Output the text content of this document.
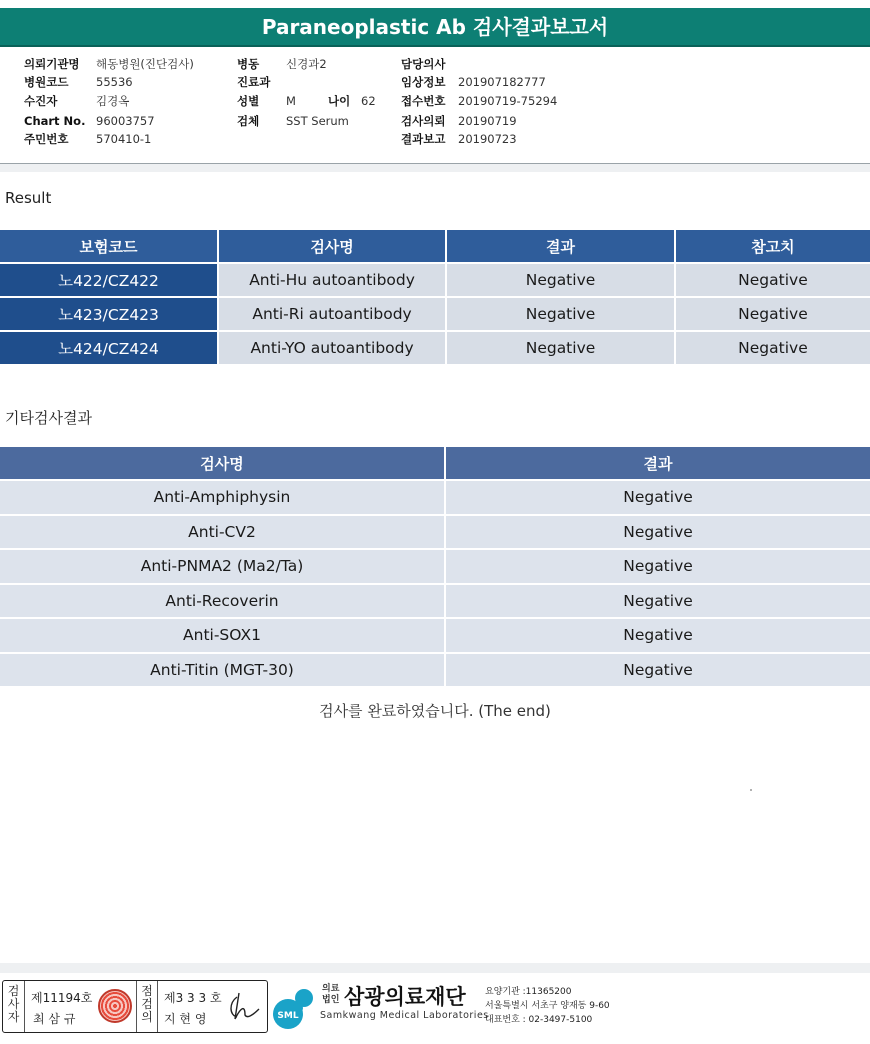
Paraneoplastic Ab 검사결과보고서
의뢰기관명 해동병원(진단검사)	병동 신경과2	담당의사
병원코드 55536	진료과	임상정보 201907182777
수진자	김경옥	성별 M	나이 62 접수번호 20190719-75294
Chart No. 96003757	검체 SST Serum	검사의뢰 20190719
주민번호 570410-1	결과보고 20190723
Result
보험코드	검사명	결과	참고치
노422/CZ422	Anti-Hu autoantibody	Negative	Negative
노423/CZ423	Anti-Ri autoantibody	Negative	Negative
노424/CZ424	Anti-YO autoantibody	Negative	Negative
기타검사결과
검사명	결과
Anti-Amphiphysin	Negative
Anti-CV2	Negative
Anti-PNMA2 (Ma2/Ta)	Negative
Anti-Recoverin	Negative
Anti-SOX1	Negative
Anti-Titin (MGT-30)	Negative
검사를 완료하였습니다. (The end)
검사자
제11194호
최 삼 규
점검의
제3 3 3 호
지 현 영	SML
의료
법인 삼광의료재단
Samkwang Medical Laboratories
요양기관 :11365200
서울특별시 서초구 양재동 9-60
대표번호 : 02-3497-5100
